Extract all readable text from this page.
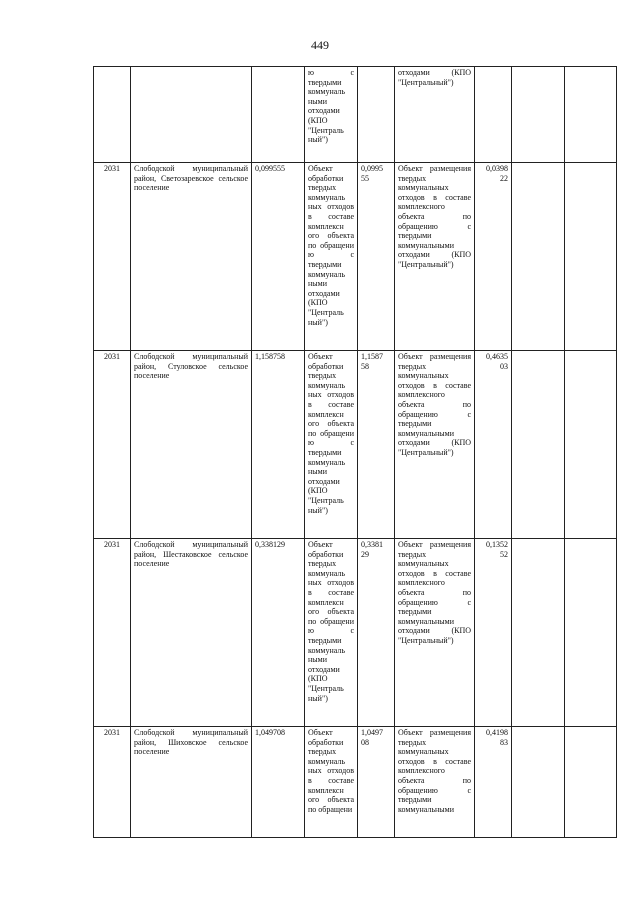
449
			ю с твердыми коммуналь ными отходами (КПО "Централь ный")		отходами (КПО "Центральный")			
2031	Слободской муниципальный район, Светозаревское сельское поселение	0,099555	Объект обработки твердых коммуналь ных отходов в составе комплексн ого объекта по обращени ю с твердыми коммуналь ными отходами (КПО "Централь ный")	0,0995 55	Объект размещения твердых коммунальных отходов в составе комплексного объекта по обращению с твердыми коммунальными отходами (КПО "Центральный")	0,0398 22		
2031	Слободской муниципальный район, Стуловское сельское поселение	1,158758	Объект обработки твердых коммуналь ных отходов в составе комплексн ого объекта по обращени ю с твердыми коммуналь ными отходами (КПО "Централь ный")	1,1587 58	Объект размещения твердых коммунальных отходов в составе комплексного объекта по обращению с твердыми коммунальными отходами (КПО "Центральный")	0,4635 03		
2031	Слободской муниципальный район, Шестаковское сельское поселение	0,338129	Объект обработки твердых коммуналь ных отходов в составе комплексн ого объекта по обращени ю с твердыми коммуналь ными отходами (КПО "Централь ный")	0,3381 29	Объект размещения твердых коммунальных отходов в составе комплексного объекта по обращению с твердыми коммунальными отходами (КПО "Центральный")	0,1352 52		
2031	Слободской муниципальный район, Шиховское сельское поселение	1,049708	Объект обработки твердых коммуналь ных отходов в составе комплексн ого объекта по обращени	1,0497 08	Объект размещения твердых коммунальных отходов в составе комплексного объекта по обращению с твердыми коммунальными	0,4198 83		
